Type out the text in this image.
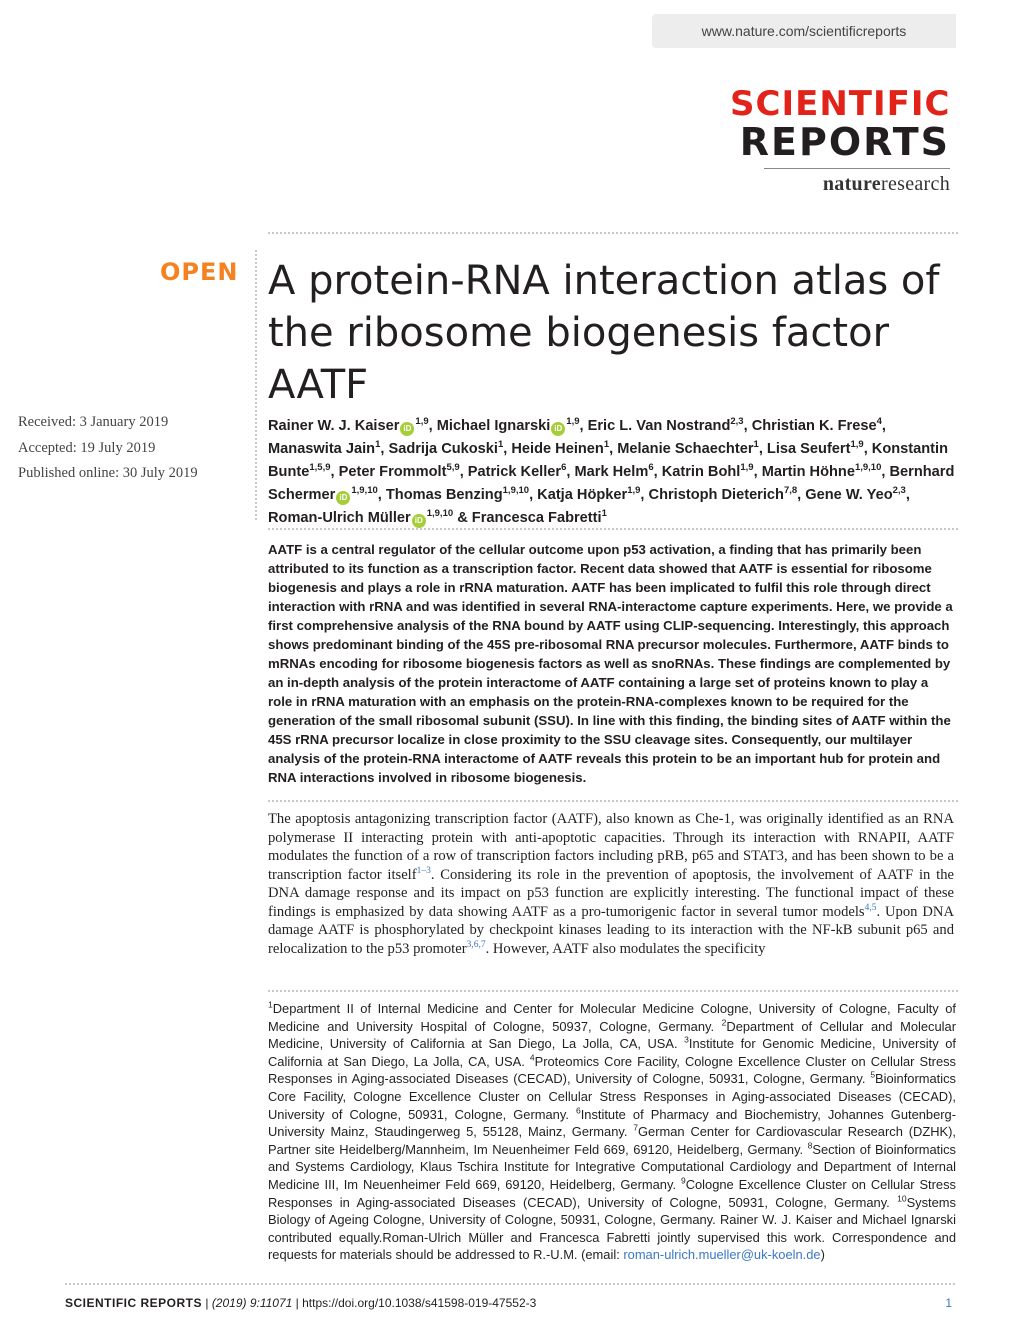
www.nature.com/scientificreports
SCIENTIFIC
REPORTS
natureresearch
OPEN A protein-RNA interaction atlas of the ribosome biogenesis factor AATF
Received: 3 January 2019
Accepted: 19 July 2019
Published online: 30 July 2019
Rainer W. J. Kaiser iD$^{1,9}$, Michael Ignarski iD$^{1,9}$, Eric L. Van Nostrand$^{2,3}$, Christian K. Frese$^4$, Manaswita Jain$^1$, Sadrija Cukoski$^1$, Heide Heinen$^1$, Melanie Schaechter$^1$, Lisa Seufert$^{1,9}$, Konstantin Bunte$^{1,5,9}$, Peter Frommolt$^{5,9}$, Patrick Keller$^6$, Mark Helm$^6$, Katrin Bohl$^{1,9}$, Martin Höhne$^{1,9,10}$, Bernhard Schermer iD$^{1,9,10}$, Thomas Benzing$^{1,9,10}$, Katja Höpker$^{1,9}$, Christoph Dieterich$^{7,8}$, Gene W. Yeo$^{2,3}$, Roman-Ulrich Müller iD$^{1,9,10}$ & Francesca Fabretti$^1$
AATF is a central regulator of the cellular outcome upon p53 activation, a finding that has primarily been attributed to its function as a transcription factor. Recent data showed that AATF is essential for ribosome biogenesis and plays a role in rRNA maturation. AATF has been implicated to fulfil this role through direct interaction with rRNA and was identified in several RNA-interactome capture experiments. Here, we provide a first comprehensive analysis of the RNA bound by AATF using CLIP-sequencing. Interestingly, this approach shows predominant binding of the 45S pre-ribosomal RNA precursor molecules. Furthermore, AATF binds to mRNAs encoding for ribosome biogenesis factors as well as snoRNAs. These findings are complemented by an in-depth analysis of the protein interactome of AATF containing a large set of proteins known to play a role in rRNA maturation with an emphasis on the protein-RNA-complexes known to be required for the generation of the small ribosomal subunit (SSU). In line with this finding, the binding sites of AATF within the 45S rRNA precursor localize in close proximity to the SSU cleavage sites. Consequently, our multilayer analysis of the protein-RNA interactome of AATF reveals this protein to be an important hub for protein and RNA interactions involved in ribosome biogenesis.
The apoptosis antagonizing transcription factor (AATF), also known as Che-1, was originally identified as an RNA polymerase II interacting protein with anti-apoptotic capacities. Through its interaction with RNAPII, AATF modulates the function of a row of transcription factors including pRB, p65 and STAT3, and has been shown to be a transcription factor itself$^{1-3}$. Considering its role in the prevention of apoptosis, the involvement of AATF in the DNA damage response and its impact on p53 function are explicitly interesting. The functional impact of these findings is emphasized by data showing AATF as a pro-tumorigenic factor in several tumor models$^{4,5}$. Upon DNA damage AATF is phosphorylated by checkpoint kinases leading to its interaction with the NF-kB subunit p65 and relocalization to the p53 promoter$^{3,6,7}$. However, AATF also modulates the specificity
$^1$Department II of Internal Medicine and Center for Molecular Medicine Cologne, University of Cologne, Faculty of Medicine and University Hospital of Cologne, 50937, Cologne, Germany. $^2$Department of Cellular and Molecular Medicine, University of California at San Diego, La Jolla, CA, USA. $^3$Institute for Genomic Medicine, University of California at San Diego, La Jolla, CA, USA. $^4$Proteomics Core Facility, Cologne Excellence Cluster on Cellular Stress Responses in Aging-associated Diseases (CECAD), University of Cologne, 50931, Cologne, Germany. $^5$Bioinformatics Core Facility, Cologne Excellence Cluster on Cellular Stress Responses in Aging-associated Diseases (CECAD), University of Cologne, 50931, Cologne, Germany. $^6$Institute of Pharmacy and Biochemistry, Johannes Gutenberg-University Mainz, Staudingerweg 5, 55128, Mainz, Germany. $^7$German Center for Cardiovascular Research (DZHK), Partner site Heidelberg/Mannheim, Im Neuenheimer Feld 669, 69120, Heidelberg, Germany. $^8$Section of Bioinformatics and Systems Cardiology, Klaus Tschira Institute for Integrative Computational Cardiology and Department of Internal Medicine III, Im Neuenheimer Feld 669, 69120, Heidelberg, Germany. $^9$Cologne Excellence Cluster on Cellular Stress Responses in Aging-associated Diseases (CECAD), University of Cologne, 50931, Cologne, Germany. $^{10}$Systems Biology of Ageing Cologne, University of Cologne, 50931, Cologne, Germany. Rainer W. J. Kaiser and Michael Ignarski contributed equally.Roman-Ulrich Müller and Francesca Fabretti jointly supervised this work. Correspondence and requests for materials should be addressed to R.-U.M. (email: roman-ulrich.mueller@uk-koeln.de)
SCIENTIFIC REPORTS | (2019) 9:11071 | https://doi.org/10.1038/s41598-019-47552-3	1
